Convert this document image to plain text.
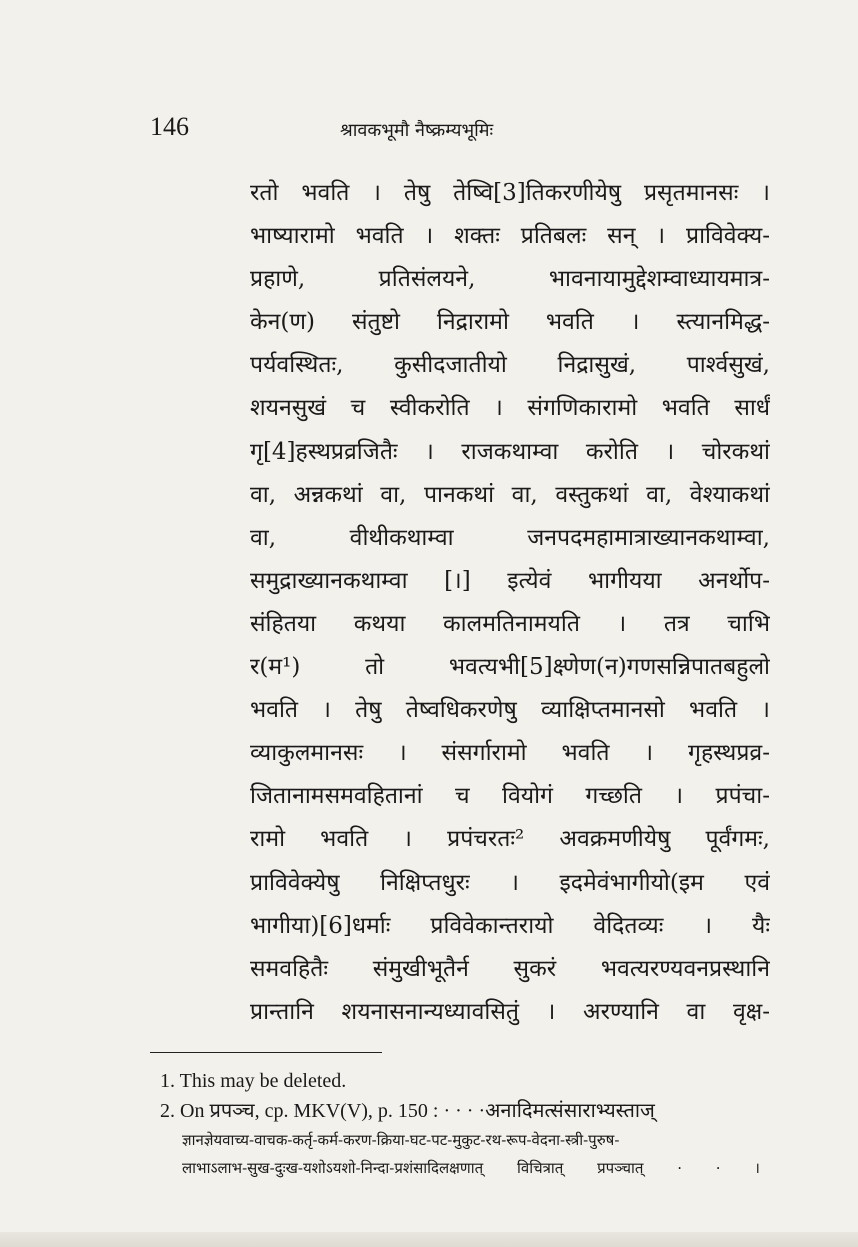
146	श्रावकभूमौ नैष्क्रम्यभूमिः
रतो भवति । तेषु तेष्वि[3]तिकरणीयेषु प्रसृतमानसः ।
भाष्यारामो भवति । शक्तः प्रतिबलः सन् । प्राविवेक्य-
प्रहाणे, प्रतिसंलयने, भावनायामुद्देशम्वाध्यायमात्र-
केन(ण) संतुष्टो निद्रारामो भवति । स्त्यानमिद्ध-
पर्यवस्थितः, कुसीदजातीयो निद्रासुखं, पार्श्वसुखं,
शयनसुखं च स्वीकरोति । संगणिकारामो भवति सार्धं
गृ[4]हस्थप्रव्रजितैः । राजकथाम्वा करोति । चोरकथां
वा, अन्नकथां वा, पानकथां वा, वस्तुकथां वा, वेश्याकथां
वा, वीथीकथाम्वा जनपदमहामात्राख्यानकथाम्वा,
समुद्राख्यानकथाम्वा [।] इत्येवं भागीयया अनर्थोप-
संहितया कथया कालमतिनामयति । तत्र चाभि
र(म¹) तो भवत्यभी[5]क्ष्णेण(न)गणसन्निपातबहुलो
भवति । तेषु तेष्वधिकरणेषु व्याक्षिप्तमानसो भवति ।
व्याकुलमानसः । संसर्गारामो भवति । गृहस्थप्रव्र-
जितानामसमवहितानां च वियोगं गच्छति । प्रपंचा-
रामो भवति । प्रपंचरतः² अवक्रमणीयेषु पूर्वंगमः,
प्राविवेक्येषु निक्षिप्तधुरः । इदमेवंभागीयो(इम एवं
भागीया)[6]धर्माः प्रविवेकान्तरायो वेदितव्यः । यैः
समवहितैः संमुखीभूतैर्न सुकरं भवत्यरण्यवनप्रस्थानि
प्रान्तानि शयनासनान्यध्यावसितुं । अरण्यानि वा वृक्ष-
1. This may be deleted.
2. On प्रपञ्च, cp. MKV(V), p. 150 : · · · ·अनादिमत्संसाराभ्यस्ताज्
ज्ञानज्ञेयवाच्य-वाचक-कर्तृ-कर्म-करण-क्रिया-घट-पट-मुकुट-रथ-रूप-वेदना-स्त्री-पुरुष-
लाभाऽलाभ-सुख-दुःख-यशोऽयशो-निन्दा-प्रशंसादिलक्षणात् विचित्रात् प्रपञ्चात् · · ।
